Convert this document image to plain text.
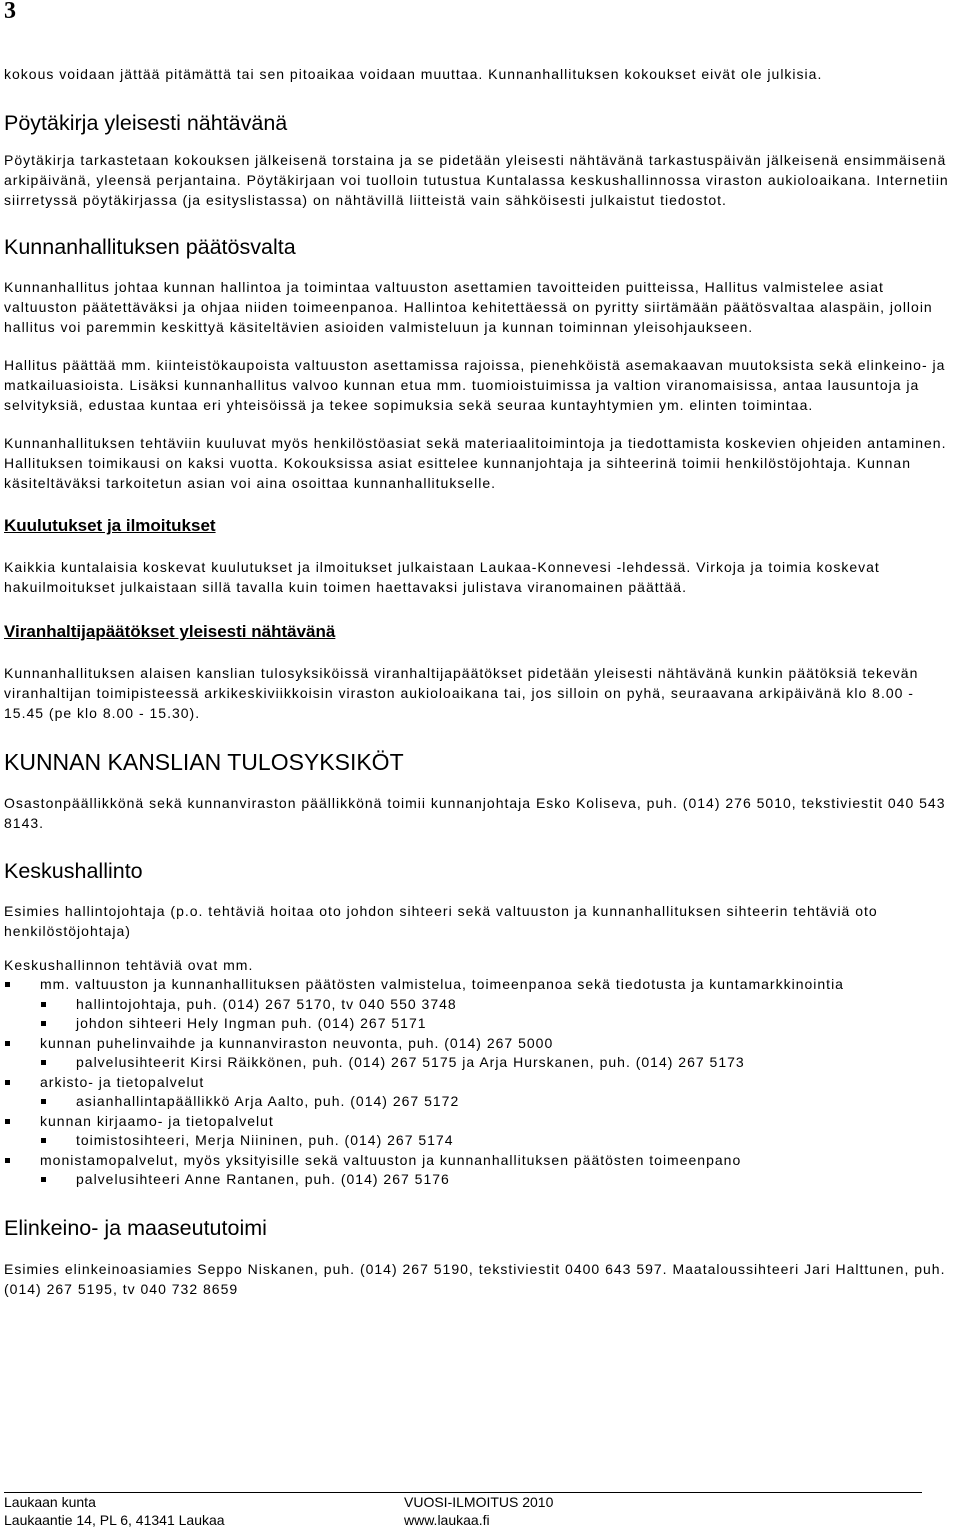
3

kokous voidaan jättää pitämättä tai sen pitoaikaa voidaan muuttaa. Kunnanhallituksen kokoukset eivät ole julkisia.

Pöytäkirja yleisesti nähtävänä

Pöytäkirja tarkastetaan kokouksen jälkeisenä torstaina ja se pidetään yleisesti nähtävänä tarkastuspäivän jälkeisenä ensimmäisenä arkipäivänä, yleensä perjantaina. Pöytäkirjaan voi tuolloin tutustua Kuntalassa keskushallinnossa viraston aukioloaikana. Internetiin siirretyssä pöytäkirjassa (ja esityslistassa) on nähtävillä liitteistä vain sähköisesti julkaistut tiedostot.

Kunnanhallituksen päätösvalta

Kunnanhallitus johtaa kunnan hallintoa ja toimintaa valtuuston asettamien tavoitteiden puitteissa, Hallitus valmistelee asiat valtuuston päätettäväksi ja ohjaa niiden toimeenpanoa. Hallintoa kehitettäessä on pyritty siirtämään päätösvaltaa alaspäin, jolloin hallitus voi paremmin keskittyä käsiteltävien asioiden valmisteluun ja kunnan toiminnan yleisohjaukseen.

Hallitus päättää mm. kiinteistökaupoista valtuuston asettamissa rajoissa, pienehköistä asemakaavan muutoksista sekä elinkeino- ja matkailuasioista. Lisäksi kunnanhallitus valvoo kunnan etua mm. tuomioistuimissa ja valtion viranomaisissa, antaa lausuntoja ja selvityksiä, edustaa kuntaa eri yhteisöissä ja tekee sopimuksia sekä seuraa kuntayhtymien ym. elinten toimintaa.

Kunnanhallituksen tehtäviin kuuluvat myös henkilöstöasiat sekä materiaalitoimintoja ja tiedottamista koskevien ohjeiden antaminen. Hallituksen toimikausi on kaksi vuotta. Kokouksissa asiat esittelee kunnanjohtaja ja sihteerinä toimii henkilöstöjohtaja. Kunnan käsiteltäväksi tarkoitetun asian voi aina osoittaa kunnanhallitukselle.

Kuulutukset ja ilmoitukset

Kaikkia kuntalaisia koskevat kuulutukset ja ilmoitukset julkaistaan Laukaa-Konnevesi -lehdessä. Virkoja ja toimia koskevat hakuilmoitukset julkaistaan sillä tavalla kuin toimen haettavaksi julistava viranomainen päättää.

Viranhaltijapäätökset yleisesti nähtävänä

Kunnanhallituksen alaisen kanslian tulosyksiköissä viranhaltijapäätökset pidetään yleisesti nähtävänä kunkin päätöksiä tekevän viranhaltijan toimipisteessä arkikeskiviikkoisin viraston aukioloaikana tai, jos silloin on pyhä, seuraavana arkipäivänä klo 8.00 - 15.45 (pe klo 8.00 - 15.30).

KUNNAN KANSLIAN TULOSYKSIKÖT

Osastonpäällikkönä sekä kunnanviraston päällikkönä toimii kunnanjohtaja Esko Koliseva, puh. (014) 276 5010, tekstiviestit 040 543 8143.

Keskushallinto

Esimies hallintojohtaja (p.o. tehtäviä hoitaa oto johdon sihteeri sekä valtuuston ja kunnanhallituksen sihteerin tehtäviä oto henkilöstöjohtaja)

Keskushallinnon tehtäviä ovat mm.

mm. valtuuston ja kunnanhallituksen päätösten valmistelua, toimeenpanoa sekä tiedotusta ja kuntamarkkinointia
hallintojohtaja, puh. (014) 267 5170, tv 040 550 3748
johdon sihteeri Hely Ingman puh. (014) 267 5171
kunnan puhelinvaihde ja kunnanviraston neuvonta, puh. (014) 267 5000
palvelusihteerit Kirsi Räikkönen, puh. (014) 267 5175 ja Arja Hurskanen, puh. (014) 267 5173
arkisto- ja tietopalvelut
asianhallintapäällikkö Arja Aalto, puh. (014) 267 5172
kunnan kirjaamo- ja tietopalvelut
toimistosihteeri, Merja Niininen, puh. (014) 267 5174
monistamopalvelut, myös yksityisille sekä valtuuston ja kunnanhallituksen päätösten toimeenpano
palvelusihteeri Anne Rantanen, puh. (014) 267 5176
Elinkeino- ja maaseututoimi

Esimies elinkeinoasiamies Seppo Niskanen, puh. (014) 267 5190, tekstiviestit 0400 643 597. Maataloussihteeri Jari Halttunen, puh. (014) 267 5195, tv 040 732 8659

Laukaan kunta	VUOSI-ILMOITUS 2010
Laukaantie 14, PL 6, 41341 Laukaa	www.laukaa.fi
